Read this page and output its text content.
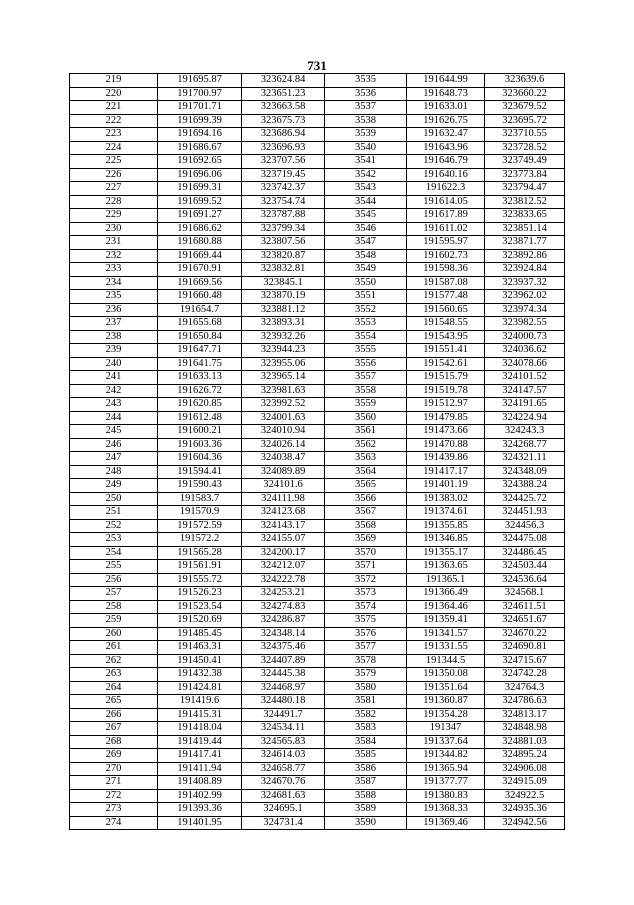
731
219	191695.87	323624.84	3535	191644.99	323639.6
220	191700.97	323651.23	3536	191648.73	323660.22
221	191701.71	323663.58	3537	191633.01	323679.52
222	191699.39	323675.73	3538	191626.75	323695.72
223	191694.16	323686.94	3539	191632.47	323710.55
224	191686.67	323696.93	3540	191643.96	323728.52
225	191692.65	323707.56	3541	191646.79	323749.49
226	191696.06	323719.45	3542	191640.16	323773.84
227	191699.31	323742.37	3543	191622.3	323794.47
228	191699.52	323754.74	3544	191614.05	323812.52
229	191691.27	323787.88	3545	191617.89	323833.65
230	191686.62	323799.34	3546	191611.02	323851.14
231	191680.88	323807.56	3547	191595.97	323871.77
232	191669.44	323820.87	3548	191602.73	323892.86
233	191670.91	323832.81	3549	191598.36	323924.84
234	191669.56	323845.1	3550	191587.08	323937.32
235	191660.48	323870.19	3551	191577.48	323962.02
236	191654.7	323881.12	3552	191560.65	323974.34
237	191655.68	323893.31	3553	191548.55	323982.55
238	191650.84	323932.26	3554	191543.95	324000.73
239	191647.71	323944.23	3555	191551.41	324036.62
240	191641.75	323955.06	3556	191542.61	324078.66
241	191633.13	323965.14	3557	191515.79	324101.52
242	191626.72	323981.63	3558	191519.78	324147.57
243	191620.85	323992.52	3559	191512.97	324191.65
244	191612.48	324001.63	3560	191479.85	324224.94
245	191600.21	324010.94	3561	191473.66	324243.3
246	191603.36	324026.14	3562	191470.88	324268.77
247	191604.36	324038.47	3563	191439.86	324321.11
248	191594.41	324089.89	3564	191417.17	324348.09
249	191590.43	324101.6	3565	191401.19	324388.24
250	191583.7	324111.98	3566	191383.02	324425.72
251	191570.9	324123.68	3567	191374.61	324451.93
252	191572.59	324143.17	3568	191355.85	324456.3
253	191572.2	324155.07	3569	191346.85	324475.08
254	191565.28	324200.17	3570	191355.17	324486.45
255	191561.91	324212.07	3571	191363.65	324503.44
256	191555.72	324222.78	3572	191365.1	324536.64
257	191526.23	324253.21	3573	191366.49	324568.1
258	191523.54	324274.83	3574	191364.46	324611.51
259	191520.69	324286.87	3575	191359.41	324651.67
260	191485.45	324348.14	3576	191341.57	324670.22
261	191463.31	324375.46	3577	191331.55	324690.81
262	191450.41	324407.89	3578	191344.5	324715.67
263	191432.38	324445.38	3579	191350.08	324742.28
264	191424.81	324468.97	3580	191351.64	324764.3
265	191419.6	324480.18	3581	191360.87	324786.63
266	191415.31	324491.7	3582	191354.28	324813.17
267	191418.04	324534.11	3583	191347	324848.98
268	191419.44	324565.83	3584	191337.64	324881.03
269	191417.41	324614.03	3585	191344.82	324895.24
270	191411.94	324658.77	3586	191365.94	324906.08
271	191408.89	324670.76	3587	191377.77	324915.09
272	191402.99	324681.63	3588	191380.83	324922.5
273	191393.36	324695.1	3589	191368.33	324935.36
274	191401.95	324731.4	3590	191369.46	324942.56
